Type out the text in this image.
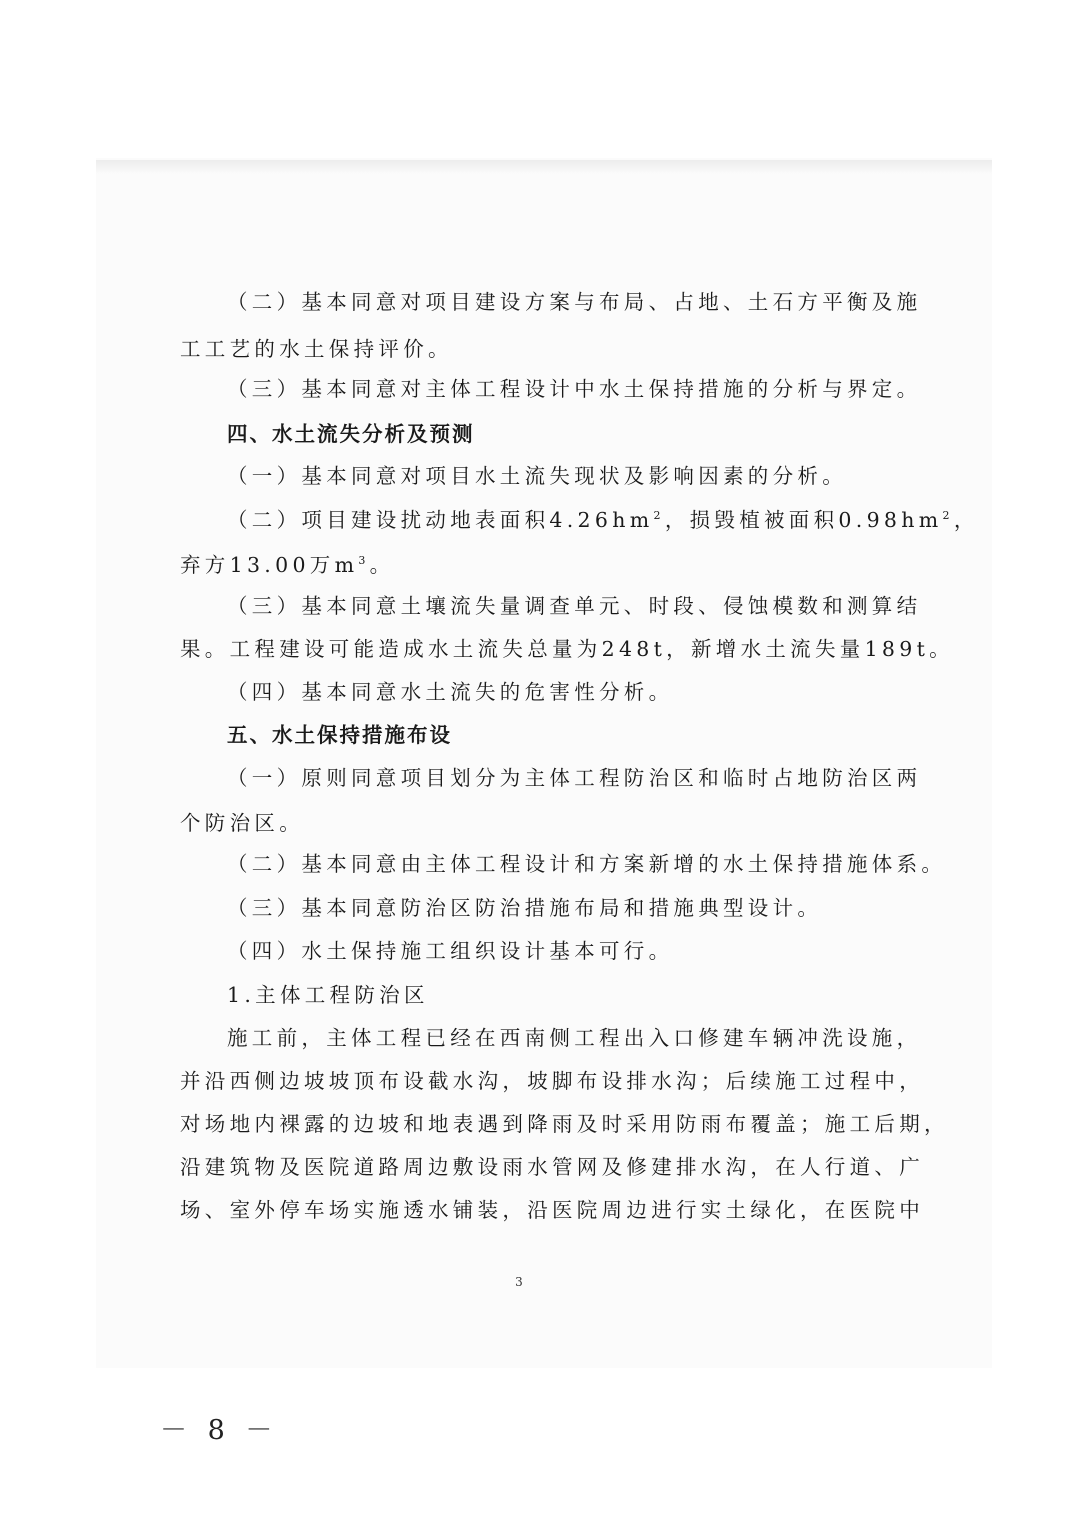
（二）基本同意对项目建设方案与布局、占地、土石方平衡及施

工工艺的水土保持评价。

（三）基本同意对主体工程设计中水土保持措施的分析与界定。

四、水土流失分析及预测

（一）基本同意对项目水土流失现状及影响因素的分析。

（二）项目建设扰动地表面积$4.26hm^2$，损毁植被面积$0.98hm^2$，

弃方13.00万$m^3$。

（三）基本同意土壤流失量调查单元、时段、侵蚀模数和测算结

果。工程建设可能造成水土流失总量为248t，新增水土流失量189t。

（四）基本同意水土流失的危害性分析。

五、水土保持措施布设

（一）原则同意项目划分为主体工程防治区和临时占地防治区两

个防治区。

（二）基本同意由主体工程设计和方案新增的水土保持措施体系。

（三）基本同意防治区防治措施布局和措施典型设计。

（四）水土保持施工组织设计基本可行。

1.主体工程防治区

施工前，主体工程已经在西南侧工程出入口修建车辆冲洗设施，

并沿西侧边坡坡顶布设截水沟，坡脚布设排水沟；后续施工过程中，

对场地内裸露的边坡和地表遇到降雨及时采用防雨布覆盖；施工后期，

沿建筑物及医院道路周边敷设雨水管网及修建排水沟，在人行道、广

场、室外停车场实施透水铺装，沿医院周边进行实土绿化，在医院中

3
－ 8 －
